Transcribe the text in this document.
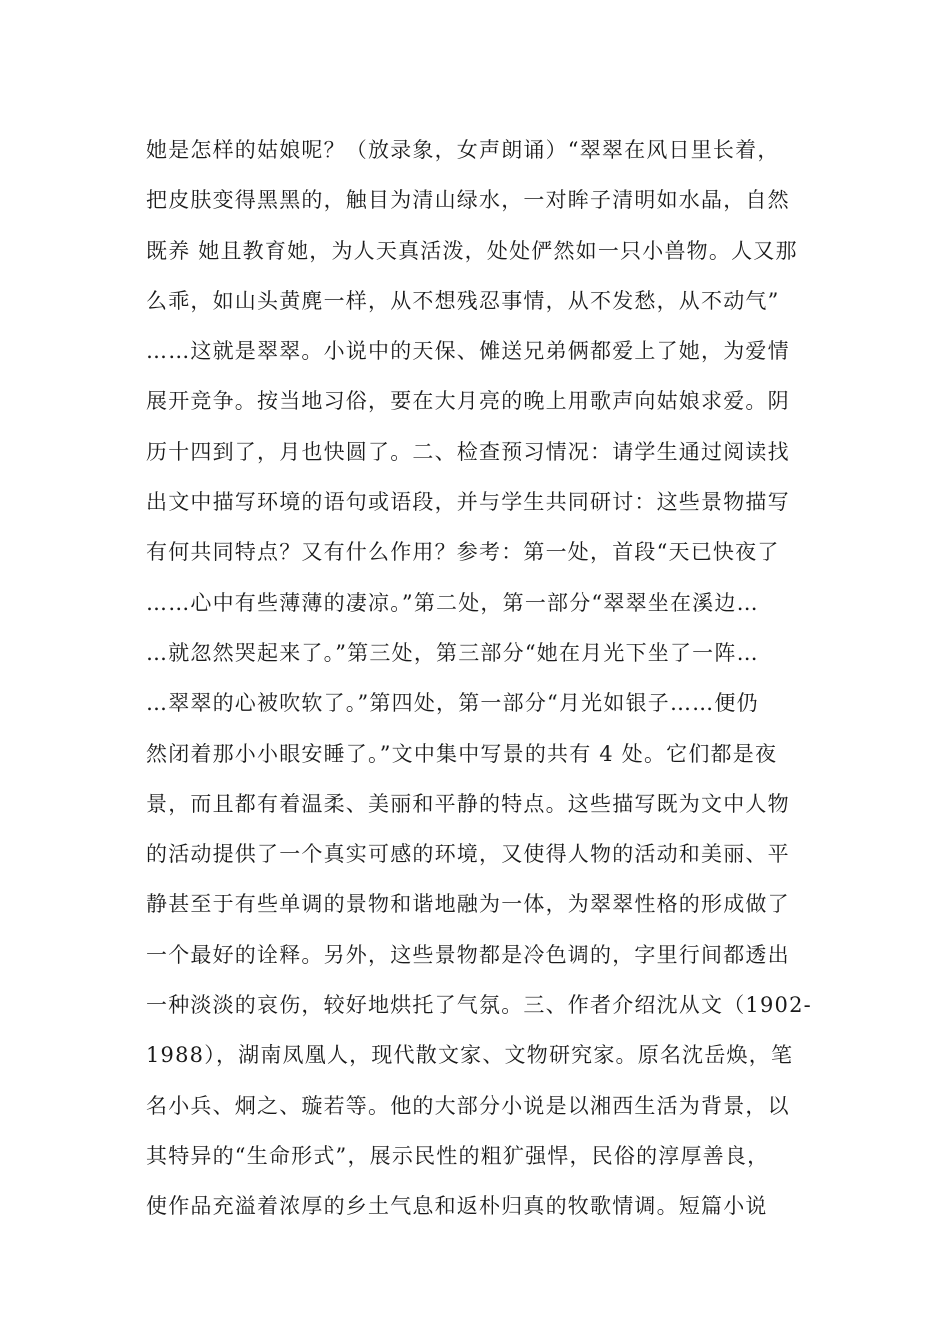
她是怎样的姑娘呢？（放录象，女声朗诵）“翠翠在风日里长着，
把皮肤变得黑黑的，触目为清山绿水，一对眸子清明如水晶，自然
既养 她且教育她，为人天真活泼，处处俨然如一只小兽物。人又那
么乖，如山头黄麂一样，从不想残忍事情，从不发愁，从不动气”
……这就是翠翠。小说中的天保、傩送兄弟俩都爱上了她，为爱情
展开竞争。按当地习俗，要在大月亮的晚上用歌声向姑娘求爱。阴
历十四到了，月也快圆了。二、检查预习情况：请学生通过阅读找
出文中描写环境的语句或语段，并与学生共同研讨：这些景物描写
有何共同特点？又有什么作用？参考：第一处，首段“天已快夜了
……心中有些薄薄的凄凉。”第二处，第一部分“翠翠坐在溪边…
…就忽然哭起来了。”第三处，第三部分“她在月光下坐了一阵…
…翠翠的心被吹软了。”第四处，第一部分“月光如银子……便仍
然闭着那小小眼安睡了。”文中集中写景的共有 4 处。它们都是夜
景，而且都有着温柔、美丽和平静的特点。这些描写既为文中人物
的活动提供了一个真实可感的环境，又使得人物的活动和美丽、平
静甚至于有些单调的景物和谐地融为一体，为翠翠性格的形成做了
一个最好的诠释。另外，这些景物都是冷色调的，字里行间都透出
一种淡淡的哀伤，较好地烘托了气氛。三、作者介绍沈从文（1902-
1988），湖南凤凰人，现代散文家、文物研究家。原名沈岳焕，笔
名小兵、炯之、璇若等。他的大部分小说是以湘西生活为背景，以
其特异的“生命形式”，展示民性的粗犷强悍，民俗的淳厚善良，
使作品充溢着浓厚的乡土气息和返朴归真的牧歌情调。短篇小说
